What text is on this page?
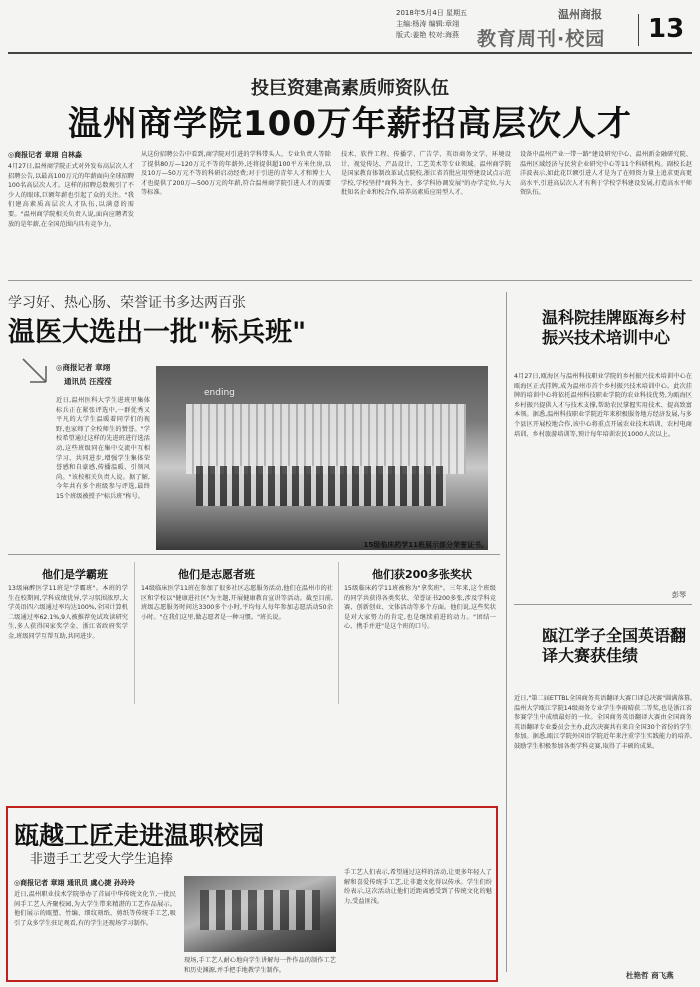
2018年5月4日 星期五
主编:杨涛 编辑:章翊
版式:姜艳 校对:海燕
温州商报
教育周刊·校园 13
投巨资建高素质师资队伍
温州商学院100万年薪招高层次人才
◎商报记者 章翊 自林淼
4月27日,温州商学院正式对外发布高层次人才招聘公告,以最高100万元的年薪面向全球招聘100名高层次人才。这样的招聘总数规引了不少人的眼球,巨额年薪也引起了众的关注。"我们建高素质高层次人才队伍,以满意的需要。"温州商学院相关负责人说,面向应聘者发放的是年薪,在全国范围内具有竞争力。
从这份招聘公告中看到,商学院对引进的学科带头人、专业负责人等除了提供80万—120万元不等的年薪外,还将提供超100平方米住房,以及10万—50万元不等的科研启动经费;对于引进的青年人才和博士人才也提供了200万—500万元的年薪,符合温州商学院引进人才的需要等标准。
技术、软件工程、传播学、广告学、英语商务文学、环境设计、视觉传达、产品设计、工艺美术等专业领域。温州商学院是国家教育体制改革试点院校,浙江省首批应用型建设试点示范学校,学校坚持"商科为主、多学科协调发展"的办学定位,与大批知名企业和校合作,培养高素质应用型人才。
设备中温州产业一带一路"建设研究中心、温州新金融研究院、温州区域经济与民营企业研究中心等11个科研机构。副校长赵洋波表示,如此花巨额引进人才是为了在师资力量上追求更高更高水平,引进高层次人才有利于学校学科建设发展,打造高水平师资队伍。
学习好、热心肠、荣誉证书多达两百张
温医大选出一批"标兵班"
◎商报记者 章翊
通讯员 汪滢滢
近日,温州医科大学生进班里集体标兵正在紧张评选中,一群优秀又平凡的大学生温暖着同学们的视野,也家师了全校师生的赞誉。"学校希望通过这样的先进班进行选活动,这些班级同在集中交流中互相学习、共同进步,增强学生集体荣誉感和自豪感,传播温暖、引领风尚。"该校相关负责人说。据了解,今年共有多个班级参与评选,最终15个班级被授予"标兵班"称号。
ending
15级临床药学11班展示部分荣誉证书。
他们是学霸班
13级麻醉医学11班是"学霸班"。本班的学生在校期间,学科成绩优异,学习氛围浓厚,大学英语四六级通过率均达100%,全国计算机二级通过率62.1%,9人被推荐免试攻读研究生,多人获得国家奖学金、浙江省政府奖学金,班级同学互帮互助,共同进步。
他们是志愿者班
14级临床医学11班在参加了很多社区志愿服务活动,他们在温州市的社区和学校以"健康进社区"为主题,开展健康教育宣讲等活动。截至目前,班级志愿服务时间达3300多个小时,平均每人每年参加志愿活动50余小时。"在我们这里,做志愿者是一种习惯。"班长说。
他们获200多张奖状
15级临床药学11班被称为"拿奖班"。三年来,这个班级的同学共获得各类奖状、荣誉证书200多张,涉及学科竞赛、创新创业、文体活动等多个方面。他们说,这些奖状是对大家努力的肯定,也是继续前进的动力。"团结一心、携手并进"是这个班的口号。
温科院挂牌瓯海乡村振兴技术培训中心
4月27日,瓯海区与温州科技职业学院的乡村振兴技术培训中心在瓯海区正式挂牌,成为温州市首个乡村振兴技术培训中心。此次挂牌的培训中心将依托温州科技职业学院的农业科技优势,为瓯海区乡村振兴提供人才与技术支撑,帮助农民掌握实用技术、提高致富本领。据悉,温州科技职业学院近年来积极服务地方经济发展,与多个县区开展校地合作,该中心将重点开展农业技术培训、农村电商培训、乡村旅游培训等,预计每年培训农民1000人次以上。
彭琴
瓯江学子全国英语翻译大赛获佳绩
近日,"第二届ETTBL全国商务英语翻译大赛口译总决赛"圆满落幕,温州大学瓯江学院14级商务专业学生李雨晴获二等奖,也是浙江省参赛学生中成绩最好的一位。全国商务英语翻译大赛由全国商务英语翻译专业委员会主办,此次决赛共有来自全国30个省份的学生参加。据悉,瓯江学院外国语学院近年来注重学生实践能力的培养,鼓励学生积极参加各类学科竞赛,取得了丰硕的成果。
杜艳哲 商飞燕
瓯越工匠走进温职校园
非遗手工艺受大学生追捧
◎商报记者 章翊 通讯员 虞心捷 孙玲玲
近日,温州职业技术学院举办了首届中华传统文化节,一批民间手工艺人齐聚校园,为大学生带来精湛的工艺作品展示。他们展示的瓯塑、竹编、细纹刻纸、剪纸等传统手工艺,吸引了众多学生驻足观看,有的学生还现场学习制作。
现场,手工艺人耐心地向学生讲解每一件作品的制作工艺和历史渊源,并手把手地教学生制作。
手工艺人们表示,希望通过这样的活动,让更多年轻人了解和喜爱传统手工艺,让非遗文化得以传承。学生们纷纷表示,这次活动让他们近距离感受到了传统文化的魅力,受益匪浅。
